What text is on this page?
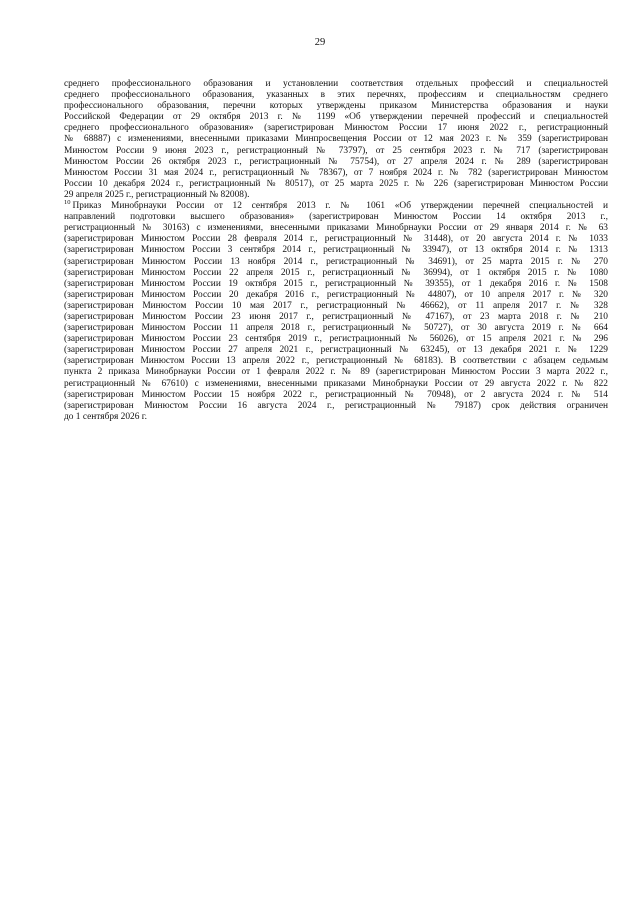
29
среднего профессионального образования и установлении соответствия отдельных профессий и специальностей
среднего профессионального образования, указанных в этих перечнях, профессиям и специальностям среднего
профессионального образования, перечни которых утверждены приказом Министерства образования и науки
Российской Федерации от 29 октября 2013 г. № 1199 «Об утверждении перечней профессий и специальностей
среднего профессионального образования» (зарегистрирован Минюстом России 17 июня 2022 г., регистрационный
№ 68887) с изменениями, внесенными приказами Минпросвещения России от 12 мая 2023 г. № 359 (зарегистрирован
Минюстом России 9 июня 2023 г., регистрационный № 73797), от 25 сентября 2023 г. № 717 (зарегистрирован
Минюстом России 26 октября 2023 г., регистрационный № 75754), от 27 апреля 2024 г. № 289 (зарегистрирован
Минюстом России 31 мая 2024 г., регистрационный № 78367), от 7 ноября 2024 г. № 782 (зарегистрирован Минюстом
России 10 декабря 2024 г., регистрационный № 80517), от 25 марта 2025 г. № 226 (зарегистрирован Минюстом России
29 апреля 2025 г., регистрационный № 82008).
$^{10}$ Приказ Минобрнауки России от 12 сентября 2013 г. № 1061 «Об утверждении перечней специальностей и
направлений подготовки высшего образования» (зарегистрирован Минюстом России 14 октября 2013 г.,
регистрационный № 30163) с изменениями, внесенными приказами Минобрнауки России от 29 января 2014 г. № 63
(зарегистрирован Минюстом России 28 февраля 2014 г., регистрационный № 31448), от 20 августа 2014 г. № 1033
(зарегистрирован Минюстом России 3 сентября 2014 г., регистрационный № 33947), от 13 октября 2014 г. № 1313
(зарегистрирован Минюстом России 13 ноября 2014 г., регистрационный № 34691), от 25 марта 2015 г. № 270
(зарегистрирован Минюстом России 22 апреля 2015 г., регистрационный № 36994), от 1 октября 2015 г. № 1080
(зарегистрирован Минюстом России 19 октября 2015 г., регистрационный № 39355), от 1 декабря 2016 г. № 1508
(зарегистрирован Минюстом России 20 декабря 2016 г., регистрационный № 44807), от 10 апреля 2017 г. № 320
(зарегистрирован Минюстом России 10 мая 2017 г., регистрационный № 46662), от 11 апреля 2017 г. № 328
(зарегистрирован Минюстом России 23 июня 2017 г., регистрационный № 47167), от 23 марта 2018 г. № 210
(зарегистрирован Минюстом России 11 апреля 2018 г., регистрационный № 50727), от 30 августа 2019 г. № 664
(зарегистрирован Минюстом России 23 сентября 2019 г., регистрационный № 56026), от 15 апреля 2021 г. № 296
(зарегистрирован Минюстом России 27 апреля 2021 г., регистрационный № 63245), от 13 декабря 2021 г. № 1229
(зарегистрирован Минюстом России 13 апреля 2022 г., регистрационный № 68183). В соответствии с абзацем седьмым
пункта 2 приказа Минобрнауки России от 1 февраля 2022 г. № 89 (зарегистрирован Минюстом России 3 марта 2022 г.,
регистрационный № 67610) с изменениями, внесенными приказами Минобрнауки России от 29 августа 2022 г. № 822
(зарегистрирован Минюстом России 15 ноября 2022 г., регистрационный № 70948), от 2 августа 2024 г. № 514
(зарегистрирован Минюстом России 16 августа 2024 г., регистрационный № 79187) срок действия ограничен
до 1 сентября 2026 г.
